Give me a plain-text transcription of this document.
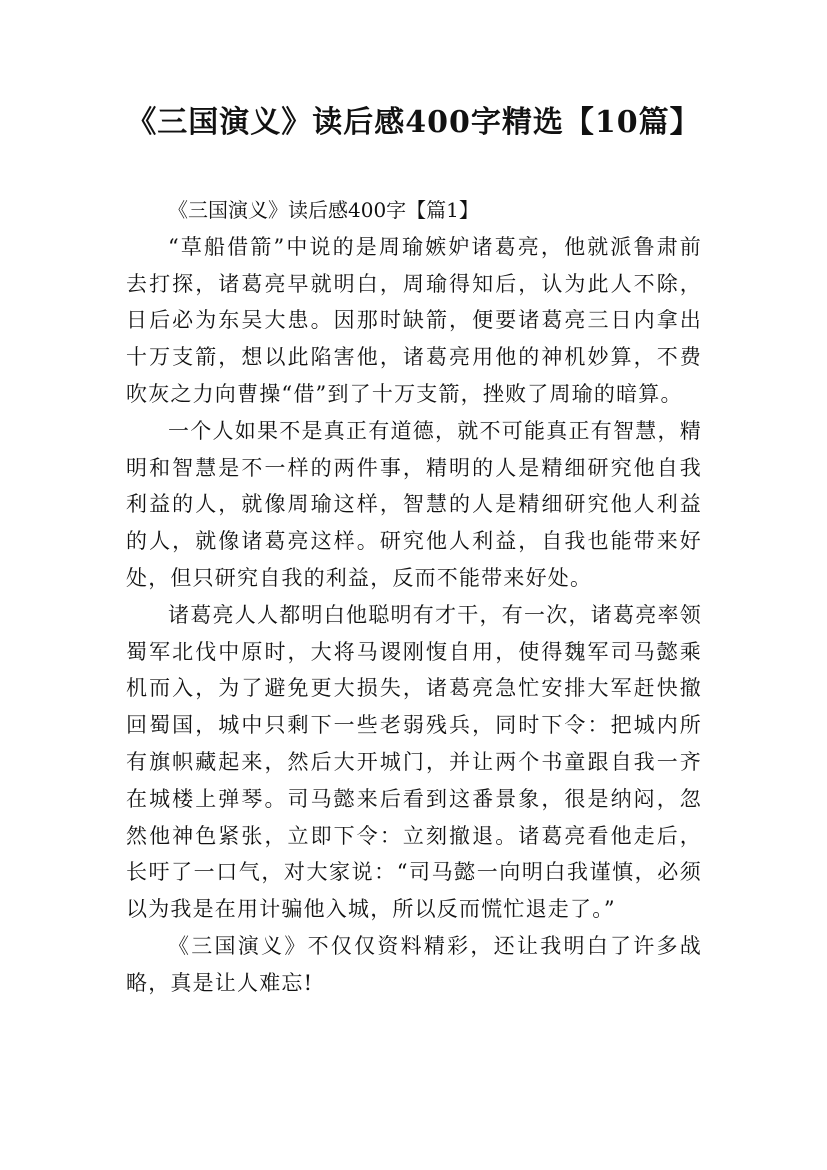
《三国演义》读后感400字精选【10篇】

《三国演义》读后感400字【篇1】

“草船借箭”中说的是周瑜嫉妒诸葛亮，他就派鲁肃前去打探，诸葛亮早就明白，周瑜得知后，认为此人不除，日后必为东吴大患。因那时缺箭，便要诸葛亮三日内拿出十万支箭，想以此陷害他，诸葛亮用他的神机妙算，不费吹灰之力向曹操“借”到了十万支箭，挫败了周瑜的暗算。

一个人如果不是真正有道德，就不可能真正有智慧，精明和智慧是不一样的两件事，精明的人是精细研究他自我利益的人，就像周瑜这样，智慧的人是精细研究他人利益的人，就像诸葛亮这样。研究他人利益，自我也能带来好处，但只研究自我的利益，反而不能带来好处。

诸葛亮人人都明白他聪明有才干，有一次，诸葛亮率领蜀军北伐中原时，大将马谡刚愎自用，使得魏军司马懿乘机而入，为了避免更大损失，诸葛亮急忙安排大军赶快撤回蜀国，城中只剩下一些老弱残兵，同时下令：把城内所有旗帜藏起来，然后大开城门，并让两个书童跟自我一齐在城楼上弹琴。司马懿来后看到这番景象，很是纳闷，忽然他神色紧张，立即下令：立刻撤退。诸葛亮看他走后，长吁了一口气，对大家说：“司马懿一向明白我谨慎，必须以为我是在用计骗他入城，所以反而慌忙退走了。”

《三国演义》不仅仅资料精彩，还让我明白了许多战略，真是让人难忘!
